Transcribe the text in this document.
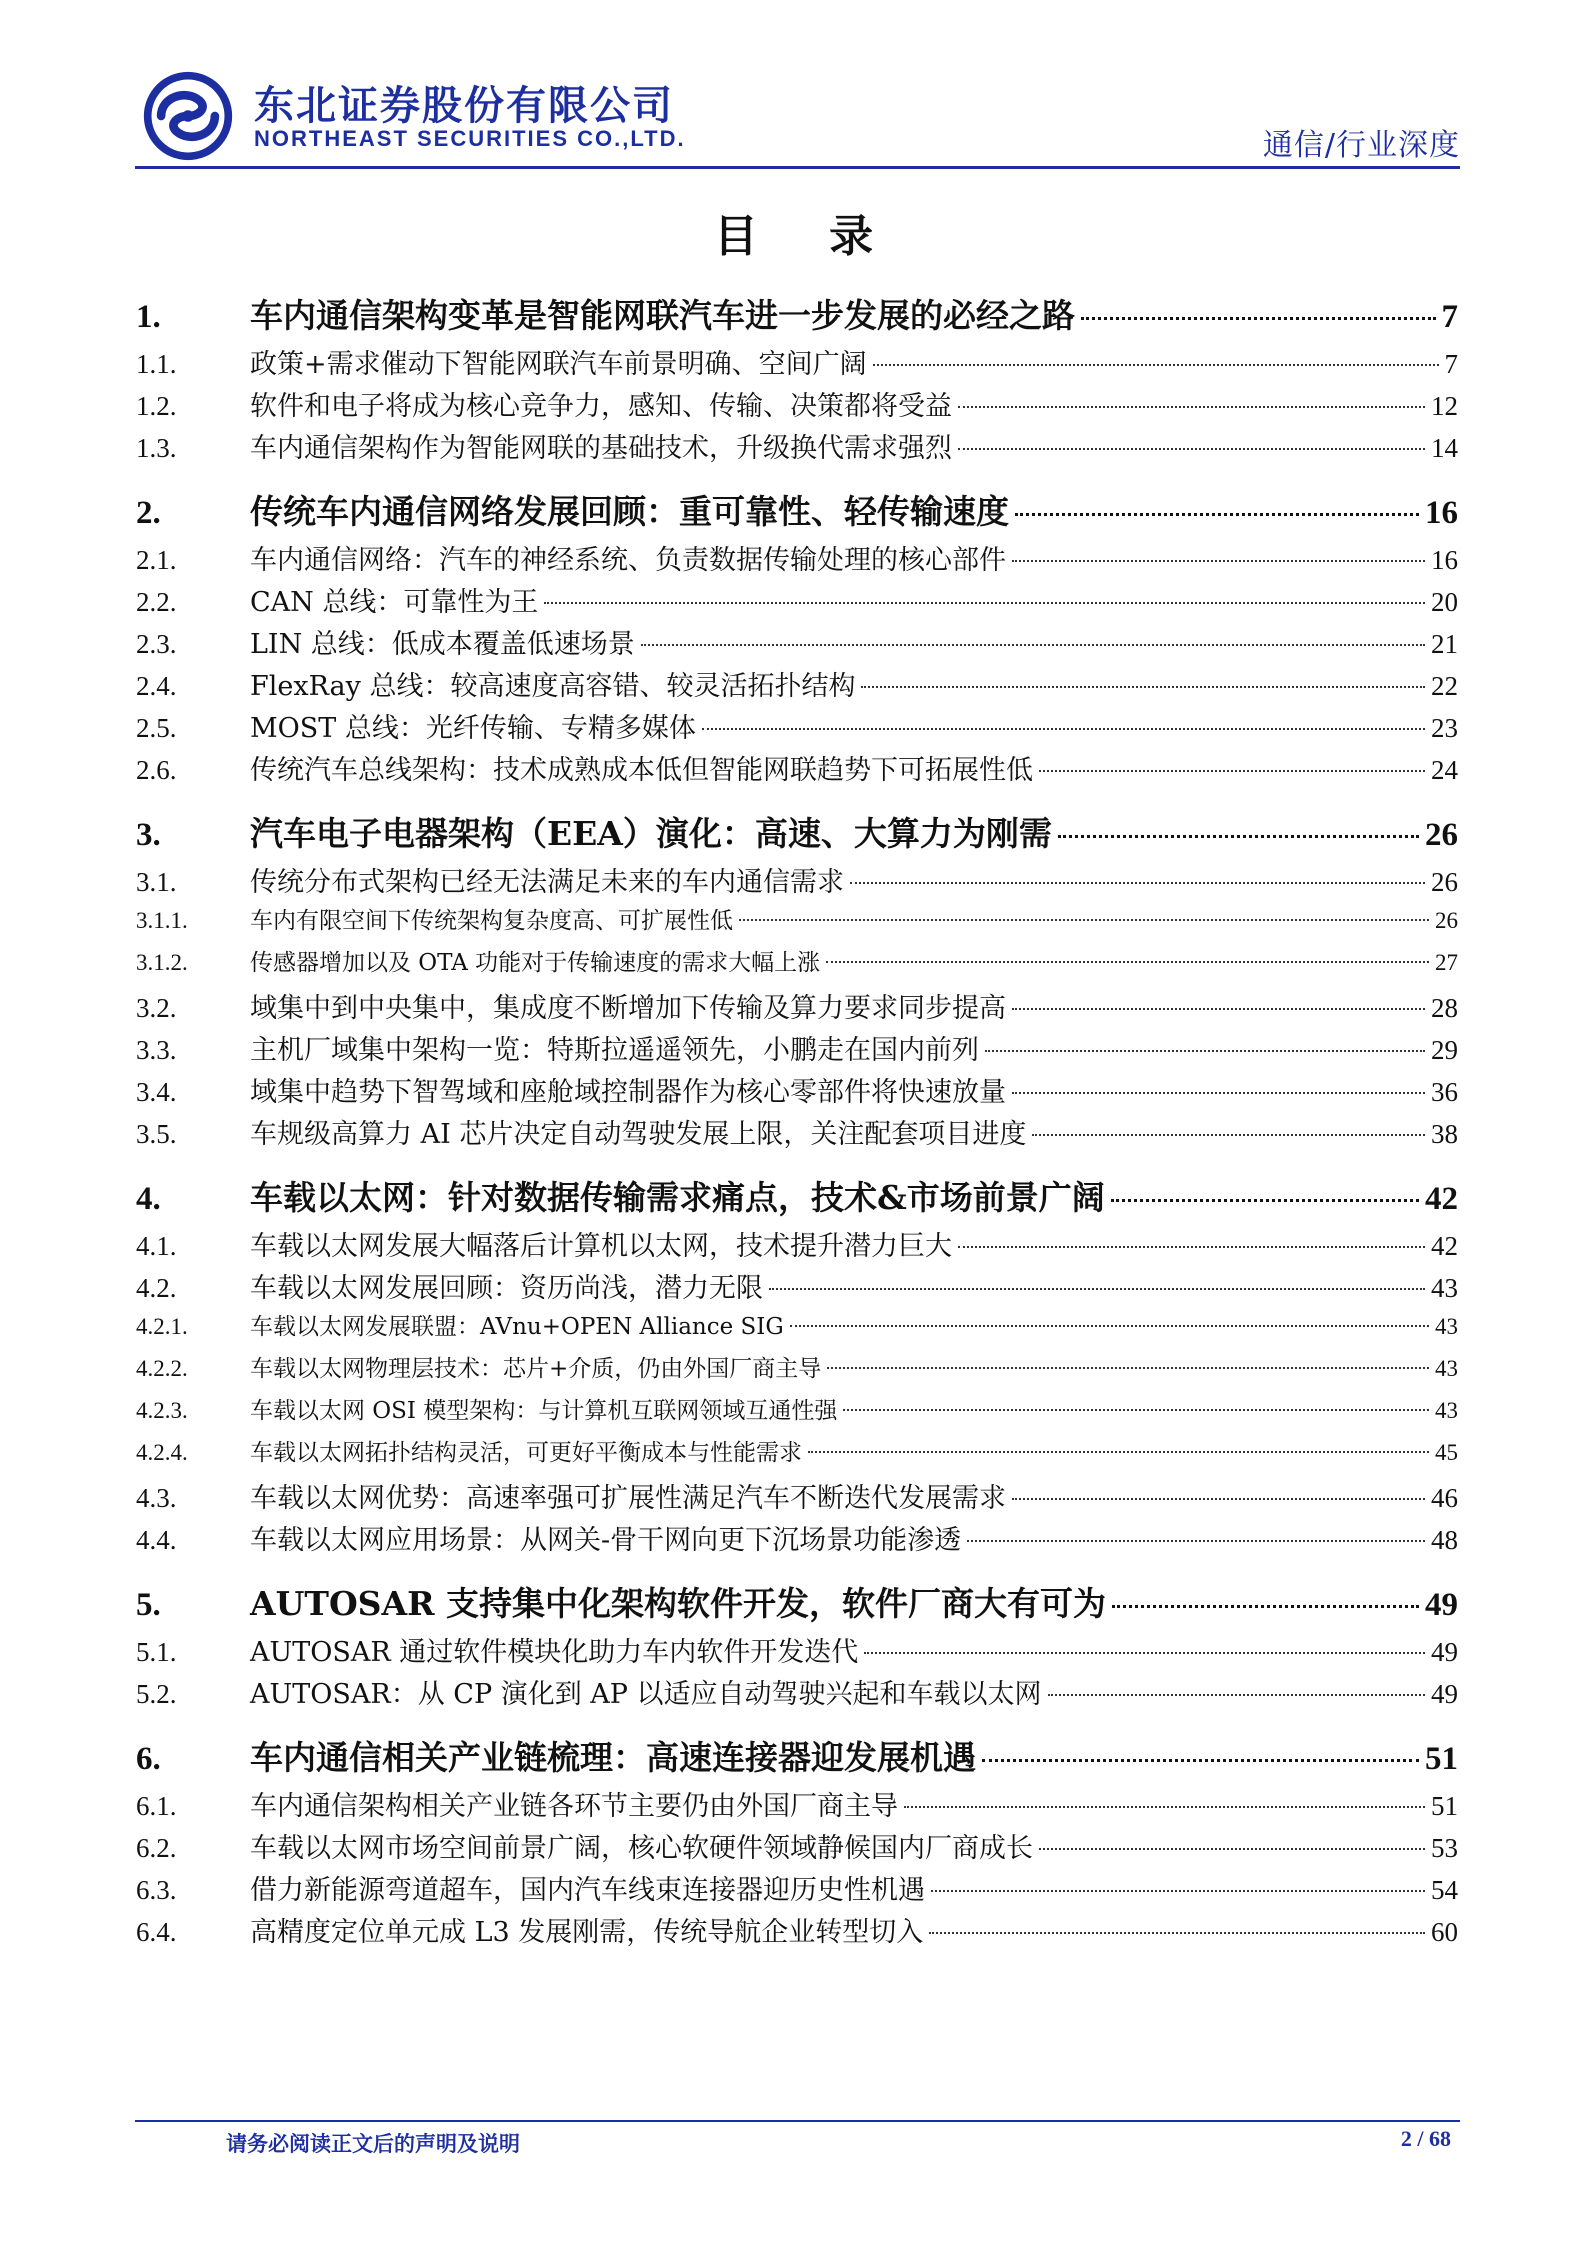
东北证券股份有限公司
NORTHEAST SECURITIES CO.,LTD.	通信/行业深度
目 录
1.	车内通信架构变革是智能网联汽车进一步发展的必经之路	7
1.1.	政策+需求催动下智能网联汽车前景明确、空间广阔	7
1.2.	软件和电子将成为核心竞争力，感知、传输、决策都将受益	12
1.3.	车内通信架构作为智能网联的基础技术，升级换代需求强烈	14
2.	传统车内通信网络发展回顾：重可靠性、轻传输速度	16
2.1.	车内通信网络：汽车的神经系统、负责数据传输处理的核心部件	16
2.2.	CAN 总线：可靠性为王	20
2.3.	LIN 总线：低成本覆盖低速场景	21
2.4.	FlexRay 总线：较高速度高容错、较灵活拓扑结构	22
2.5.	MOST 总线：光纤传输、专精多媒体	23
2.6.	传统汽车总线架构：技术成熟成本低但智能网联趋势下可拓展性低	24
3.	汽车电子电器架构（EEA）演化：高速、大算力为刚需	26
3.1.	传统分布式架构已经无法满足未来的车内通信需求	26
3.1.1.	车内有限空间下传统架构复杂度高、可扩展性低	26
3.1.2.	传感器增加以及 OTA 功能对于传输速度的需求大幅上涨	27
3.2.	域集中到中央集中，集成度不断增加下传输及算力要求同步提高	28
3.3.	主机厂域集中架构一览：特斯拉遥遥领先，小鹏走在国内前列	29
3.4.	域集中趋势下智驾域和座舱域控制器作为核心零部件将快速放量	36
3.5.	车规级高算力 AI 芯片决定自动驾驶发展上限，关注配套项目进度	38
4.	车载以太网：针对数据传输需求痛点，技术&市场前景广阔	42
4.1.	车载以太网发展大幅落后计算机以太网，技术提升潜力巨大	42
4.2.	车载以太网发展回顾：资历尚浅，潜力无限	43
4.2.1.	车载以太网发展联盟：AVnu+OPEN Alliance SIG	43
4.2.2.	车载以太网物理层技术：芯片+介质，仍由外国厂商主导	43
4.2.3.	车载以太网 OSI 模型架构：与计算机互联网领域互通性强	43
4.2.4.	车载以太网拓扑结构灵活，可更好平衡成本与性能需求	45
4.3.	车载以太网优势：高速率强可扩展性满足汽车不断迭代发展需求	46
4.4.	车载以太网应用场景：从网关-骨干网向更下沉场景功能渗透	48
5.	AUTOSAR 支持集中化架构软件开发，软件厂商大有可为	49
5.1.	AUTOSAR 通过软件模块化助力车内软件开发迭代	49
5.2.	AUTOSAR：从 CP 演化到 AP 以适应自动驾驶兴起和车载以太网	49
6.	车内通信相关产业链梳理：高速连接器迎发展机遇	51
6.1.	车内通信架构相关产业链各环节主要仍由外国厂商主导	51
6.2.	车载以太网市场空间前景广阔，核心软硬件领域静候国内厂商成长	53
6.3.	借力新能源弯道超车，国内汽车线束连接器迎历史性机遇	54
6.4.	高精度定位单元成 L3 发展刚需，传统导航企业转型切入	60
请务必阅读正文后的声明及说明	2 / 68
